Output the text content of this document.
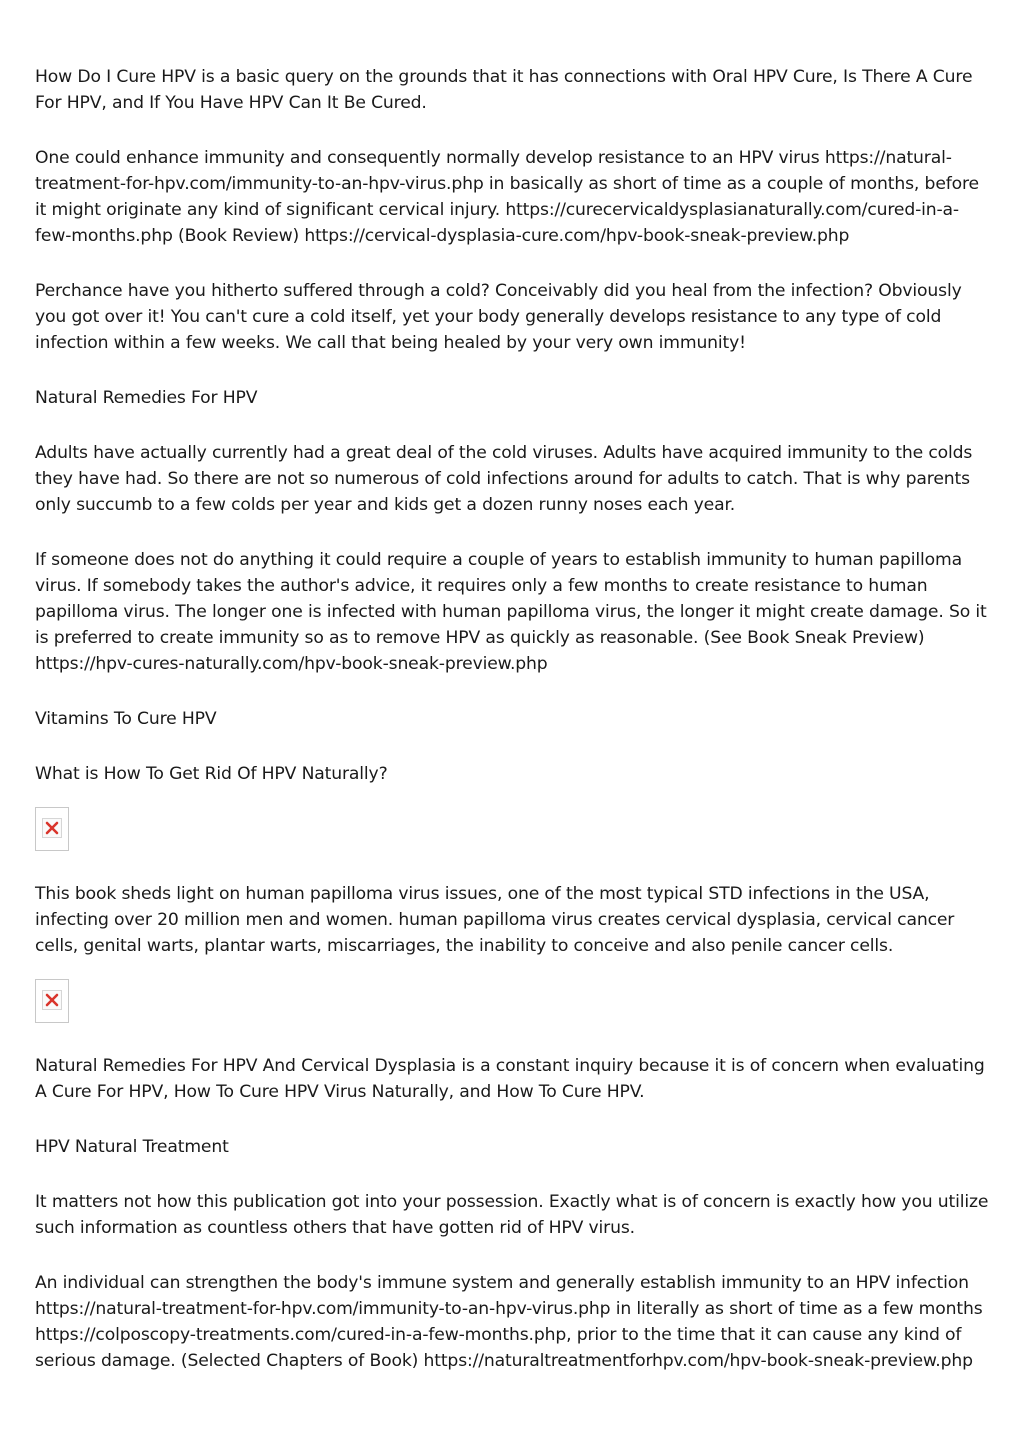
How Do I Cure HPV is a basic query on the grounds that it has connections with Oral HPV Cure, Is There A Cure For HPV, and If You Have HPV Can It Be Cured.

One could enhance immunity and consequently normally develop resistance to an HPV virus https://natural-treatment-for-hpv.com/immunity-to-an-hpv-virus.php in basically as short of time as a couple of months, before it might originate any kind of significant cervical injury. https://curecervicaldysplasianaturally.com/cured-in-a-few-months.php (Book Review) https://cervical-dysplasia-cure.com/hpv-book-sneak-preview.php

Perchance have you hitherto suffered through a cold? Conceivably did you heal from the infection? Obviously you got over it! You can't cure a cold itself, yet your body generally develops resistance to any type of cold infection within a few weeks. We call that being healed by your very own immunity!

Natural Remedies For HPV

Adults have actually currently had a great deal of the cold viruses. Adults have acquired immunity to the colds they have had. So there are not so numerous of cold infections around for adults to catch. That is why parents only succumb to a few colds per year and kids get a dozen runny noses each year.

If someone does not do anything it could require a couple of years to establish immunity to human papilloma virus. If somebody takes the author's advice, it requires only a few months to create resistance to human papilloma virus. The longer one is infected with human papilloma virus, the longer it might create damage. So it is preferred to create immunity so as to remove HPV as quickly as reasonable. (See Book Sneak Preview) https://hpv-cures-naturally.com/hpv-book-sneak-preview.php

Vitamins To Cure HPV

What is How To Get Rid Of HPV Naturally?

This book sheds light on human papilloma virus issues, one of the most typical STD infections in the USA, infecting over 20 million men and women. human papilloma virus creates cervical dysplasia, cervical cancer cells, genital warts, plantar warts, miscarriages, the inability to conceive and also penile cancer cells.

Natural Remedies For HPV And Cervical Dysplasia is a constant inquiry because it is of concern when evaluating A Cure For HPV, How To Cure HPV Virus Naturally, and How To Cure HPV.

HPV Natural Treatment

It matters not how this publication got into your possession. Exactly what is of concern is exactly how you utilize such information as countless others that have gotten rid of HPV virus.

An individual can strengthen the body's immune system and generally establish immunity to an HPV infection https://natural-treatment-for-hpv.com/immunity-to-an-hpv-virus.php in literally as short of time as a few months https://colposcopy-treatments.com/cured-in-a-few-months.php, prior to the time that it can cause any kind of serious damage. (Selected Chapters of Book) https://naturaltreatmentforhpv.com/hpv-book-sneak-preview.php
